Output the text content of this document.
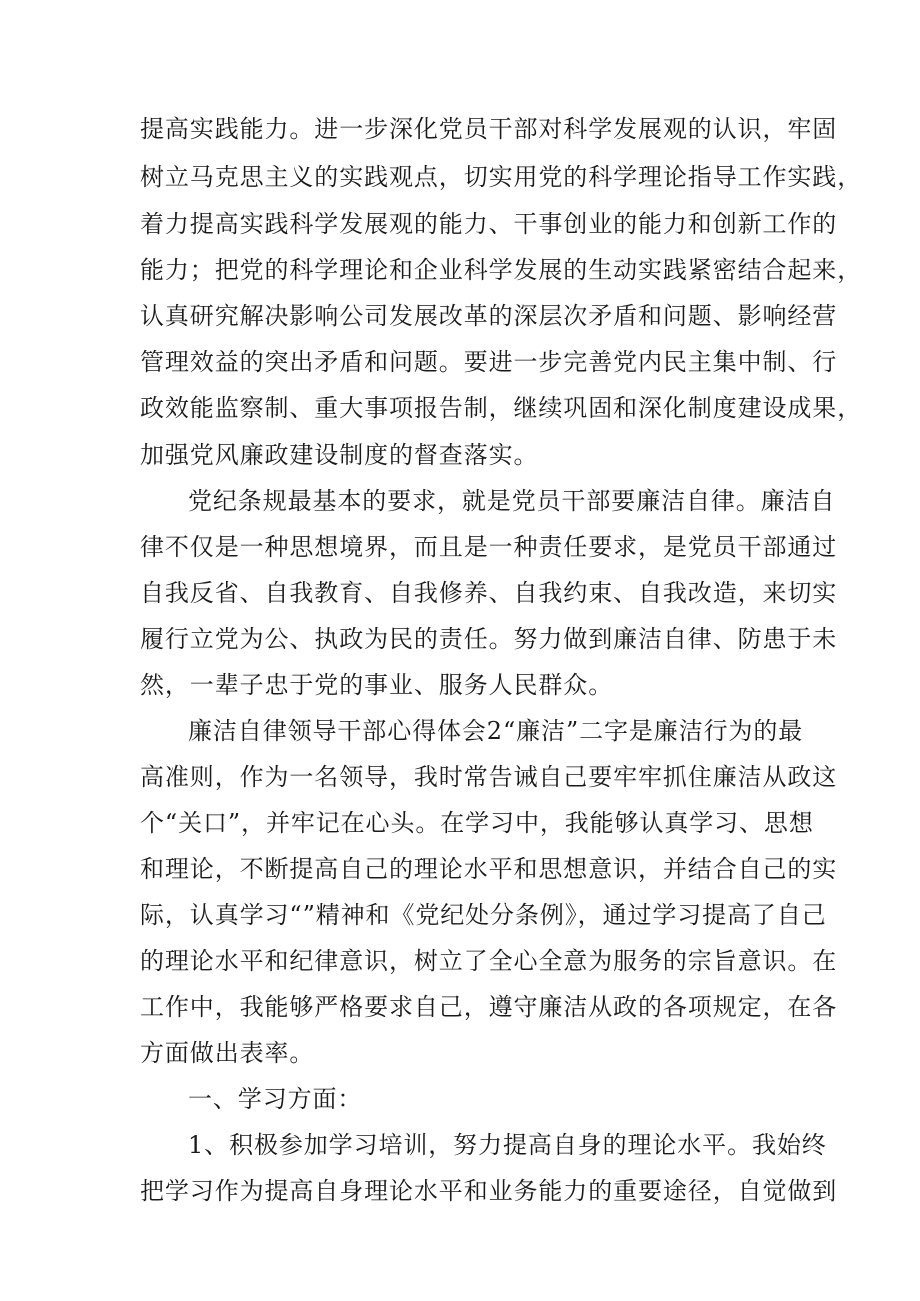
提高实践能力。进一步深化党员干部对科学发展观的认识，牢固
树立马克思主义的实践观点，切实用党的科学理论指导工作实践，
着力提高实践科学发展观的能力、干事创业的能力和创新工作的
能力；把党的科学理论和企业科学发展的生动实践紧密结合起来，
认真研究解决影响公司发展改革的深层次矛盾和问题、影响经营
管理效益的突出矛盾和问题。要进一步完善党内民主集中制、行
政效能监察制、重大事项报告制，继续巩固和深化制度建设成果，
加强党风廉政建设制度的督查落实。
党纪条规最基本的要求，就是党员干部要廉洁自律。廉洁自
律不仅是一种思想境界，而且是一种责任要求，是党员干部通过
自我反省、自我教育、自我修养、自我约束、自我改造，来切实
履行立党为公、执政为民的责任。努力做到廉洁自律、防患于未
然，一辈子忠于党的事业、服务人民群众。
廉洁自律领导干部心得体会2“廉洁”二字是廉洁行为的最
高准则，作为一名领导，我时常告诫自己要牢牢抓住廉洁从政这
个“关口”，并牢记在心头。在学习中，我能够认真学习、思想
和理论，不断提高自己的理论水平和思想意识，并结合自己的实
际，认真学习“”精神和《党纪处分条例》，通过学习提高了自己
的理论水平和纪律意识，树立了全心全意为服务的宗旨意识。在
工作中，我能够严格要求自己，遵守廉洁从政的各项规定，在各
方面做出表率。
一、学习方面：
1、积极参加学习培训，努力提高自身的理论水平。我始终
把学习作为提高自身理论水平和业务能力的重要途径，自觉做到
